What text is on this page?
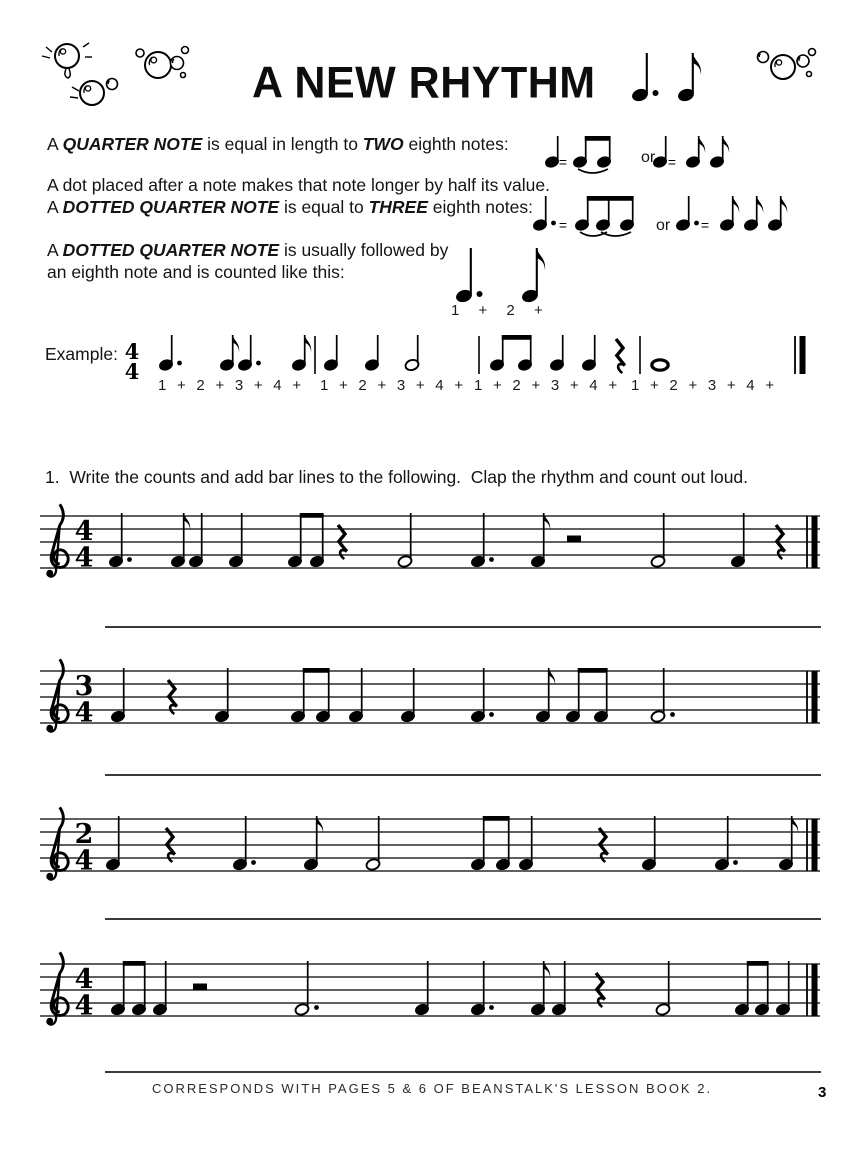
A NEW RHYTHM

A QUARTER NOTE is equal in length to TWO eighth notes:

=	=
or

A dot placed after a note makes that note longer by half its value.
A DOTTED QUARTER NOTE is equal to THREE eighth notes:

=	=
or

A DOTTED QUARTER NOTE is usually followed by
an eighth note and is counted like this:

1 + 2 +
Example: 4
4
1 + 2 + 3 + 4 + 1 + 2 + 3 + 4 + 1 + 2 + 3 + 4 + 1 + 2 + 3 + 4 +

1.  Write the counts and add bar lines to the following.  Clap the rhythm and count out loud.

4
4
3
4
2
4
4
4
CORRESPONDS WITH PAGES 5 & 6 OF BEANSTALK'S LESSON BOOK 2.	3
